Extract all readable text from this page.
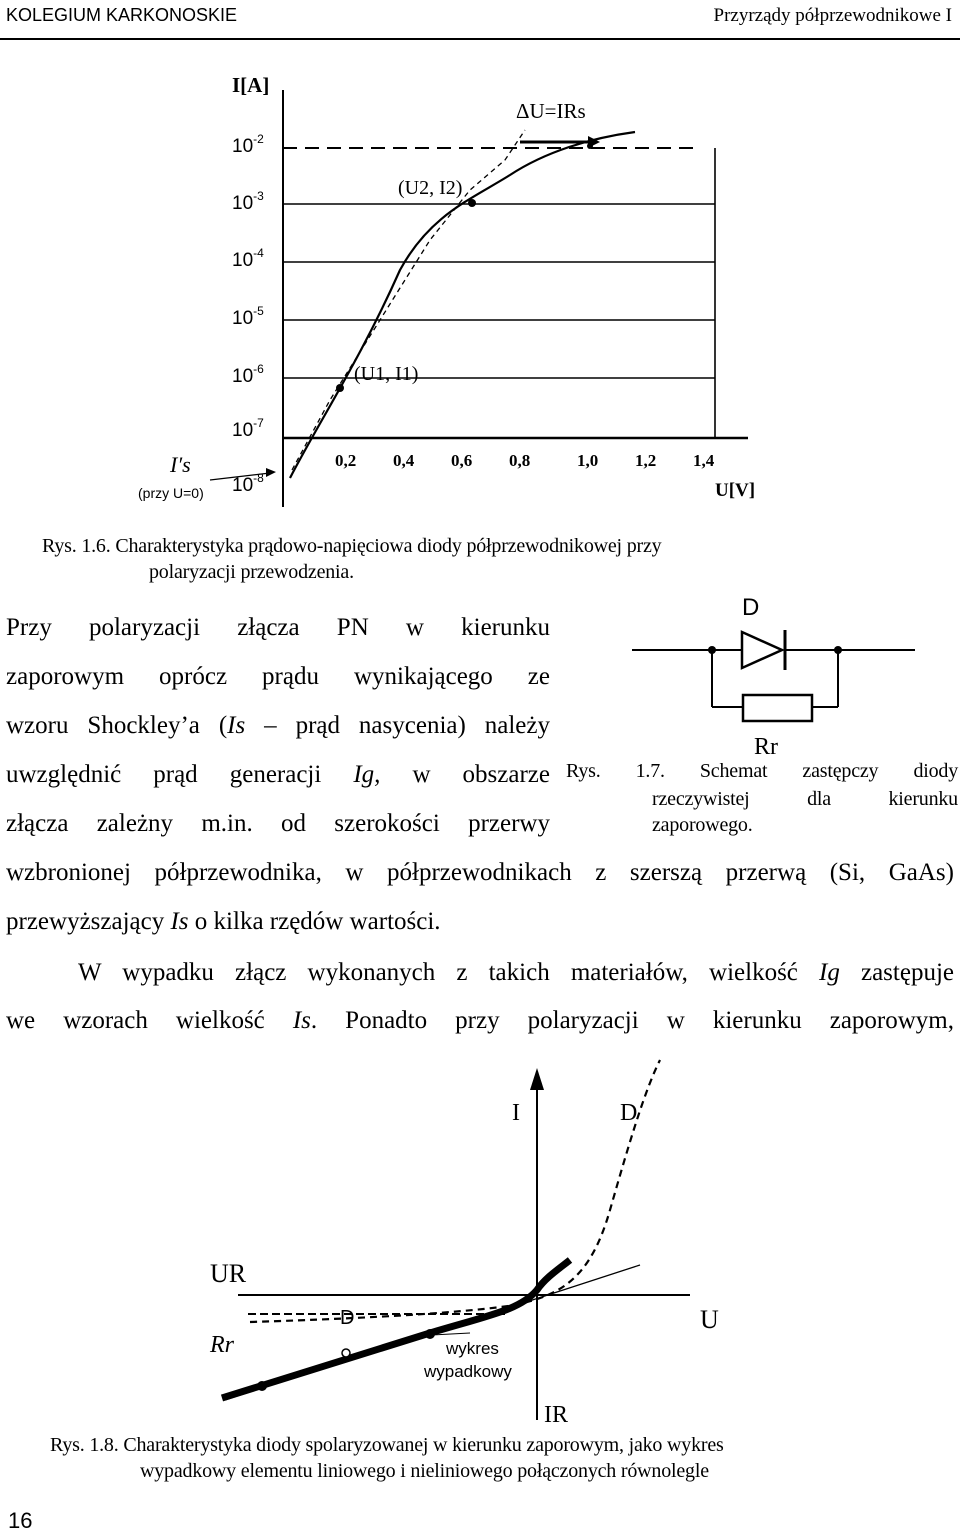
KOLEGIUM KARKONOSKIE	Przyrządy półprzewodnikowe I
I[A]
$10^{-2}$
$10^{-3}$
$10^{-4}$
$10^{-5}$
$10^{-6}$
$10^{-7}$
$10^{-8}$
0,2 0,4 0,6 0,8	1,0 1,2 1,4
U[V]
ΔU=IRs
(U2, I2)
(U1, I1)
I′s
(przy U=0)
Rys. 1.6. Charakterystyka prądowo-napięciowa diody półprzewodnikowej przy
polaryzacji przewodzenia.
Przy polaryzacji złącza PN w kierunku
zaporowym oprócz prądu wynikającego ze
wzoru Shockley’a (Is – prąd nasycenia) należy
uwzględnić prąd generacji Ig, w obszarze
złącza zależny m.in. od szerokości przerwy
wzbronionej półprzewodnika, w półprzewodnikach z szerszą przerwą (Si, GaAs)
przewyższający Is o kilka rzędów wartości.
D
Rr
Rys. 1.7. Schemat zastępczy diody
rzeczywistej dla kierunku
zaporowego.
W wypadku złącz wykonanych z takich materiałów, wielkość Ig zastępuje
we wzorach wielkość Is. Ponadto przy polaryzacji w kierunku zaporowym,
I	D
UR
D
Rr
U
wykres
wypadkowy
IR
Rys. 1.8. Charakterystyka diody spolaryzowanej w kierunku zaporowym, jako wykres
wypadkowy elementu liniowego i nieliniowego połączonych równolegle
16
